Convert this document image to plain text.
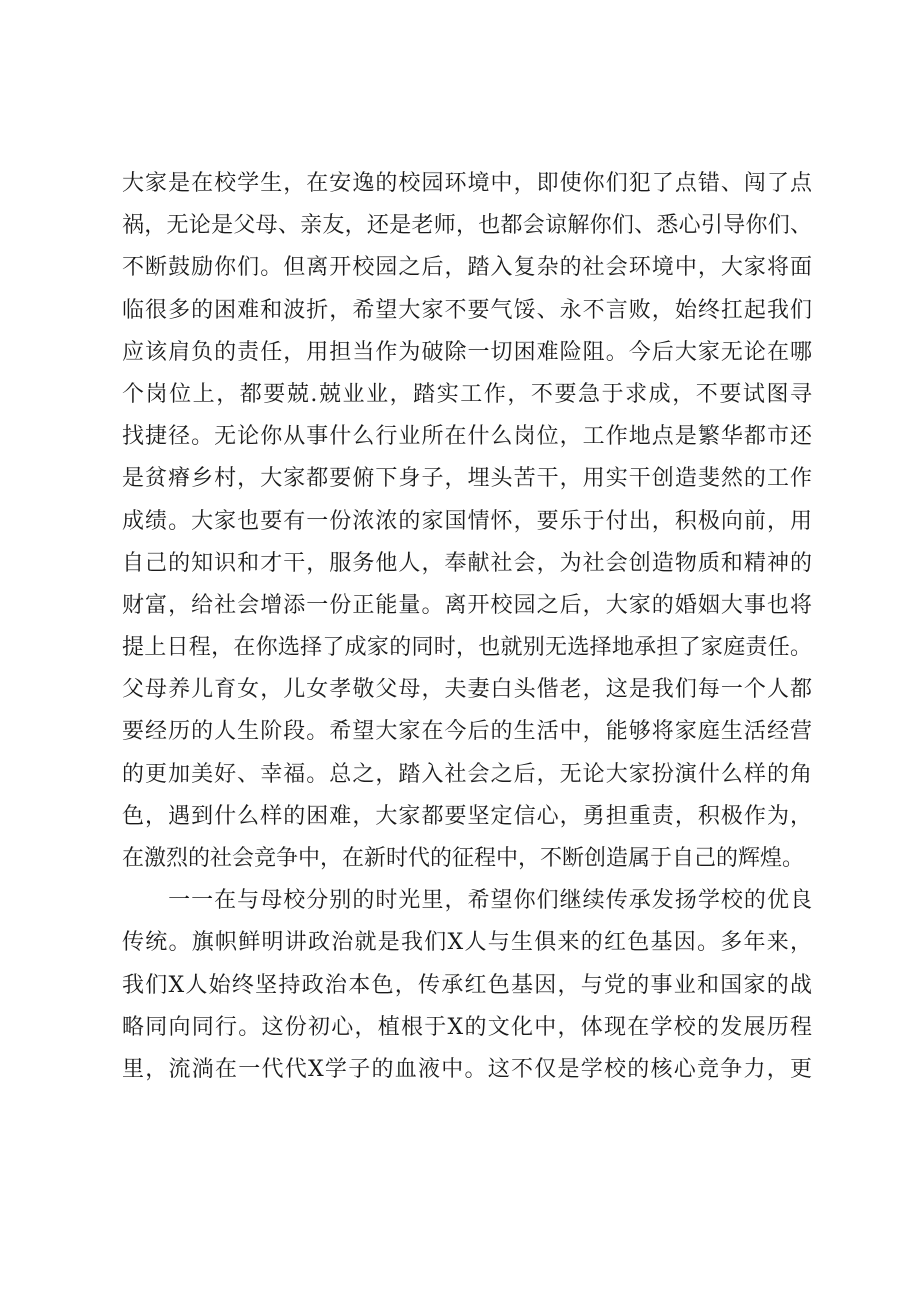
大家是在校学生，在安逸的校园环境中，即使你们犯了点错、闯了点
祸，无论是父母、亲友，还是老师，也都会谅解你们、悉心引导你们、
不断鼓励你们。但离开校园之后，踏入复杂的社会环境中，大家将面
临很多的困难和波折，希望大家不要气馁、永不言败，始终扛起我们
应该肩负的责任，用担当作为破除一切困难险阻。今后大家无论在哪
个岗位上，都要兢.兢业业，踏实工作，不要急于求成，不要试图寻
找捷径。无论你从事什么行业所在什么岗位，工作地点是繁华都市还
是贫瘠乡村，大家都要俯下身子，埋头苦干，用实干创造斐然的工作
成绩。大家也要有一份浓浓的家国情怀，要乐于付出，积极向前，用
自己的知识和才干，服务他人，奉献社会，为社会创造物质和精神的
财富，给社会增添一份正能量。离开校园之后，大家的婚姻大事也将
提上日程，在你选择了成家的同时，也就别无选择地承担了家庭责任。
父母养儿育女，儿女孝敬父母，夫妻白头偕老，这是我们每一个人都
要经历的人生阶段。希望大家在今后的生活中，能够将家庭生活经营
的更加美好、幸福。总之，踏入社会之后，无论大家扮演什么样的角
色，遇到什么样的困难，大家都要坚定信心，勇担重责，积极作为，
在激烈的社会竞争中，在新时代的征程中，不断创造属于自己的辉煌。
　　一一在与母校分别的时光里，希望你们继续传承发扬学校的优良
传统。旗帜鲜明讲政治就是我们X人与生俱来的红色基因。多年来，
我们X人始终坚持政治本色，传承红色基因，与党的事业和国家的战
略同向同行。这份初心，植根于X的文化中，体现在学校的发展历程
里，流淌在一代代X学子的血液中。这不仅是学校的核心竞争力，更
